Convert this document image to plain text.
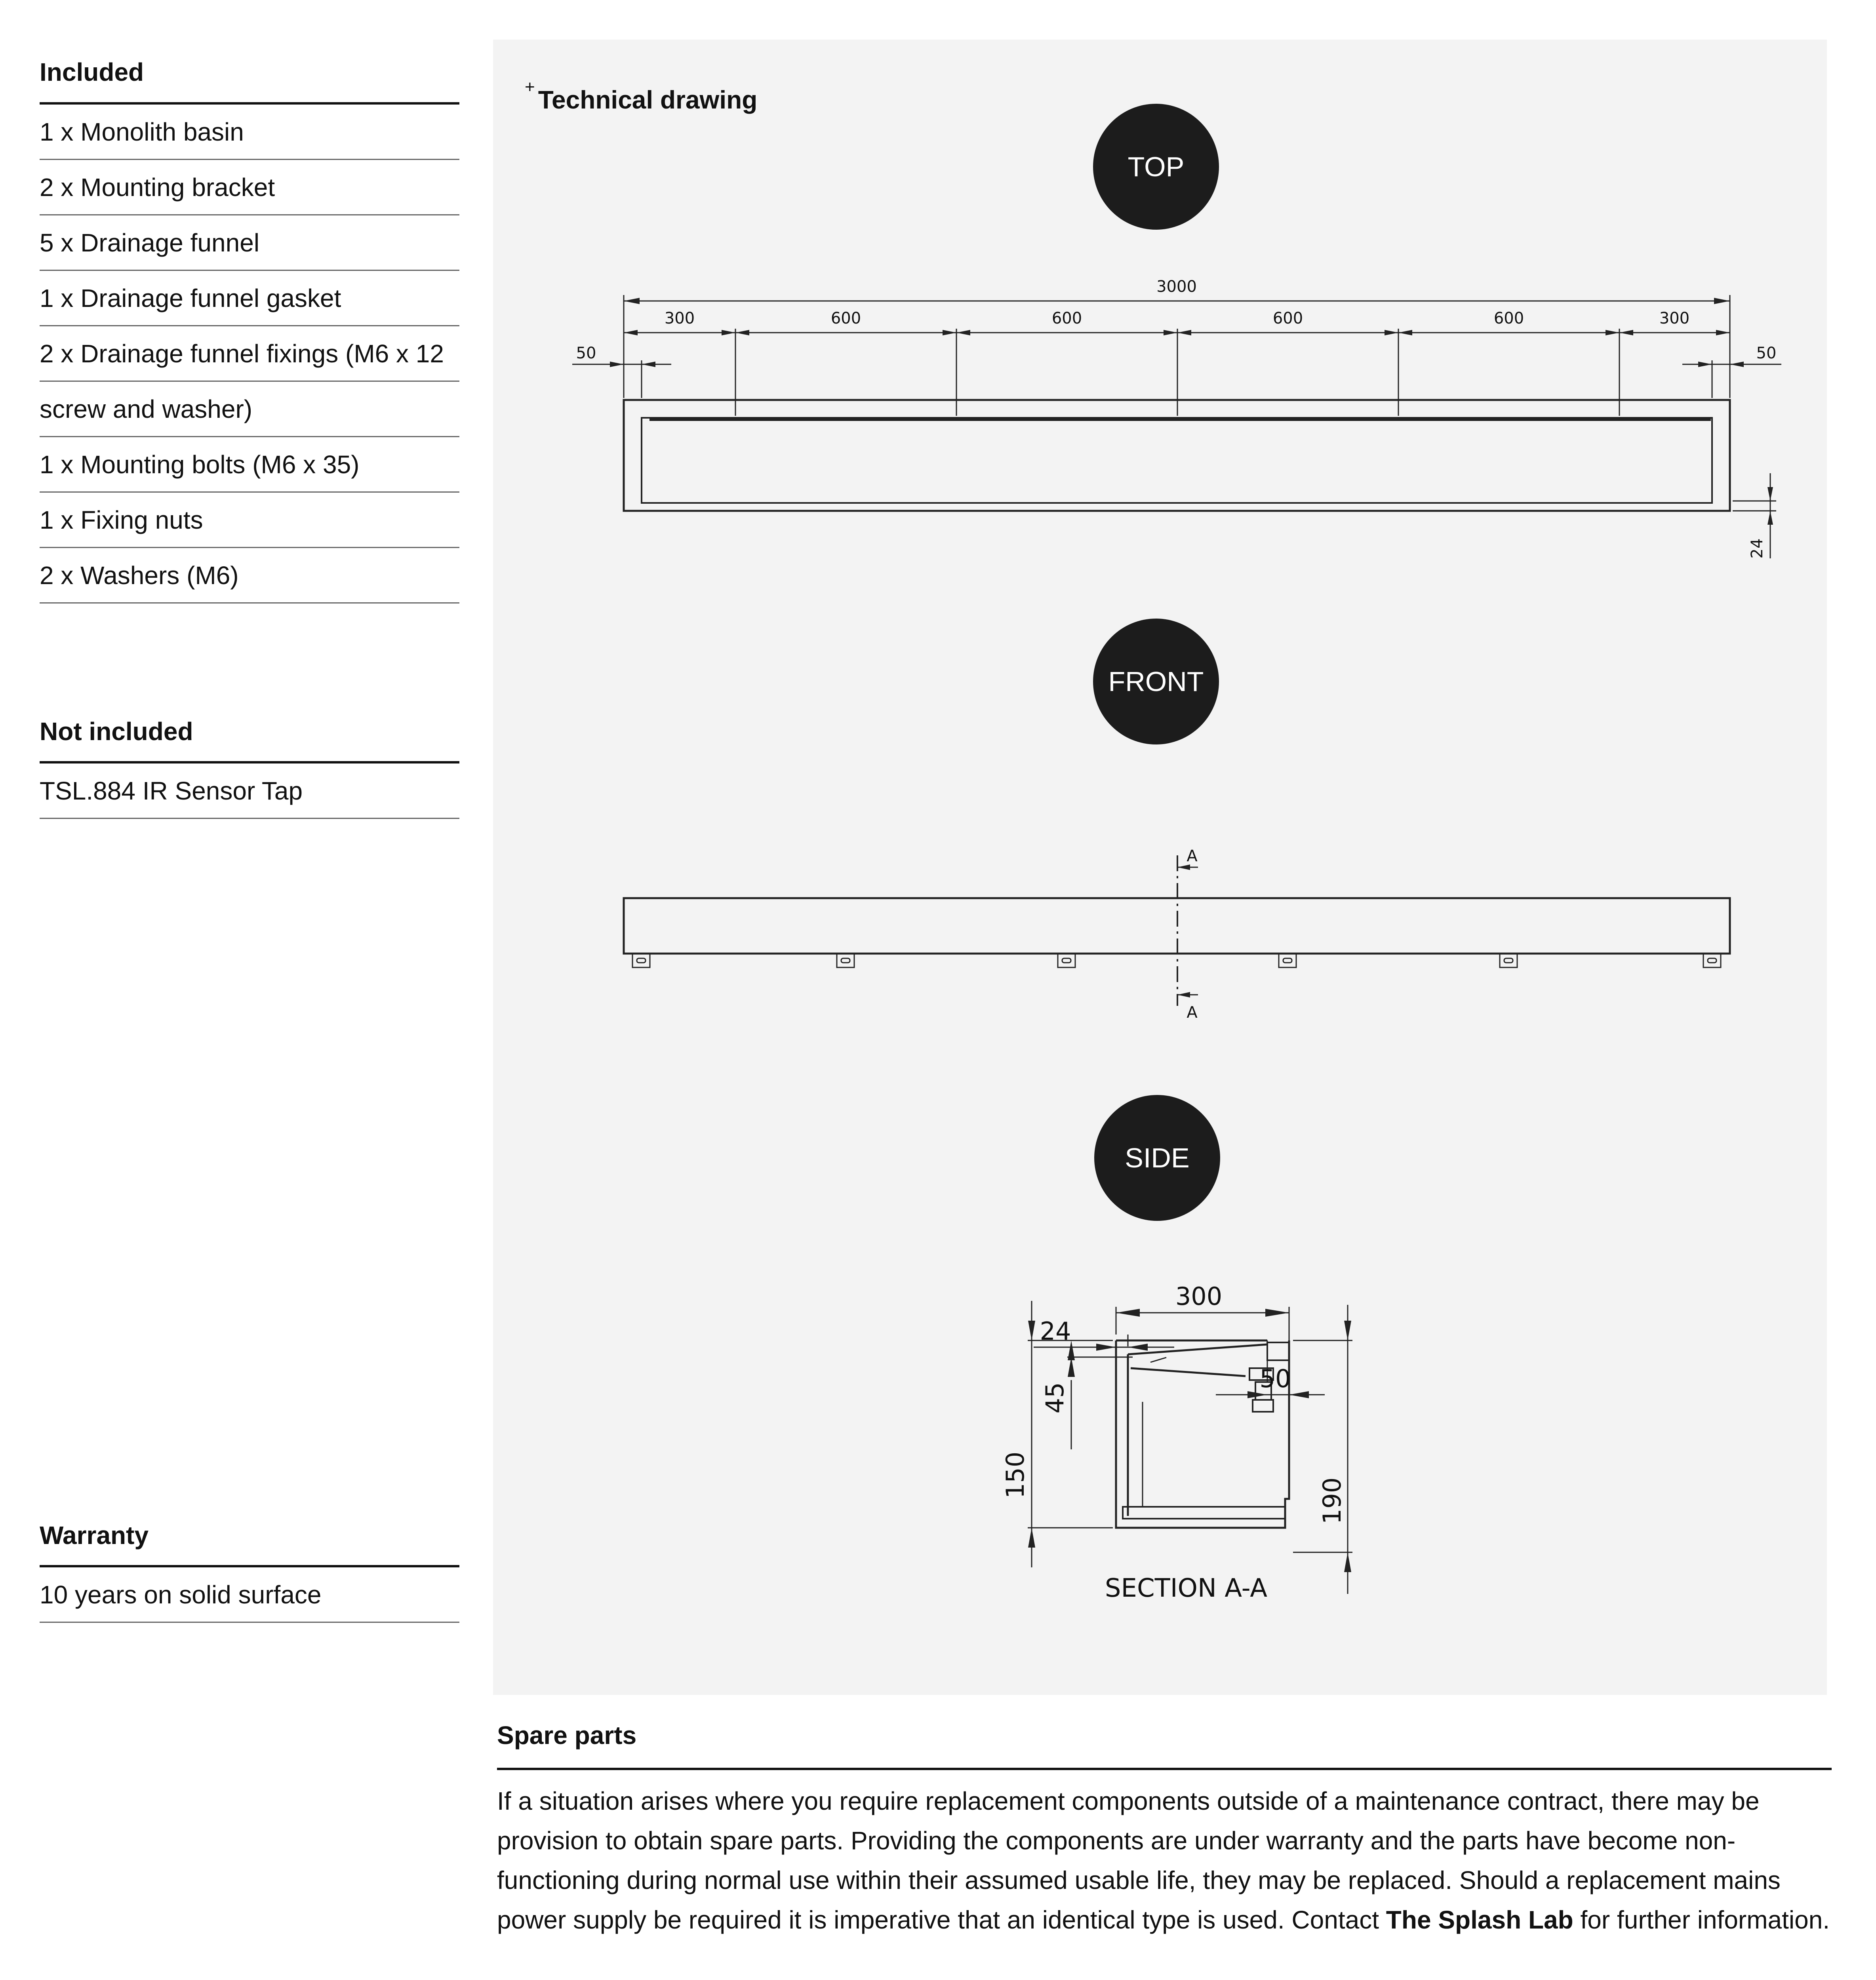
Included
1 x Monolith basin
2 x Mounting bracket
5 x Drainage funnel
1 x Drainage funnel gasket
2 x Drainage funnel fixings (M6 x 12
screw and washer)
1 x Mounting bolts (M6 x 35)
1 x Fixing nuts
2 x Washers (M6)
Not included
TSL.884 IR Sensor Tap
Warranty
10 years on solid surface
+ Technical drawing
TOP
FRONT
SIDE
3000
300	600	600	600	600	300
50	50
24
A
A
300
24
50
45
150
190
SECTION A-A
Spare parts
If a situation arises where you require replacement components outside of a maintenance contract, there may be provision to obtain spare parts. Providing the components are under warranty and the parts have become non-functioning during normal use within their assumed usable life, they may be replaced. Should a replacement mains power supply be required it is imperative that an identical type is used. Contact The Splash Lab for further information.
